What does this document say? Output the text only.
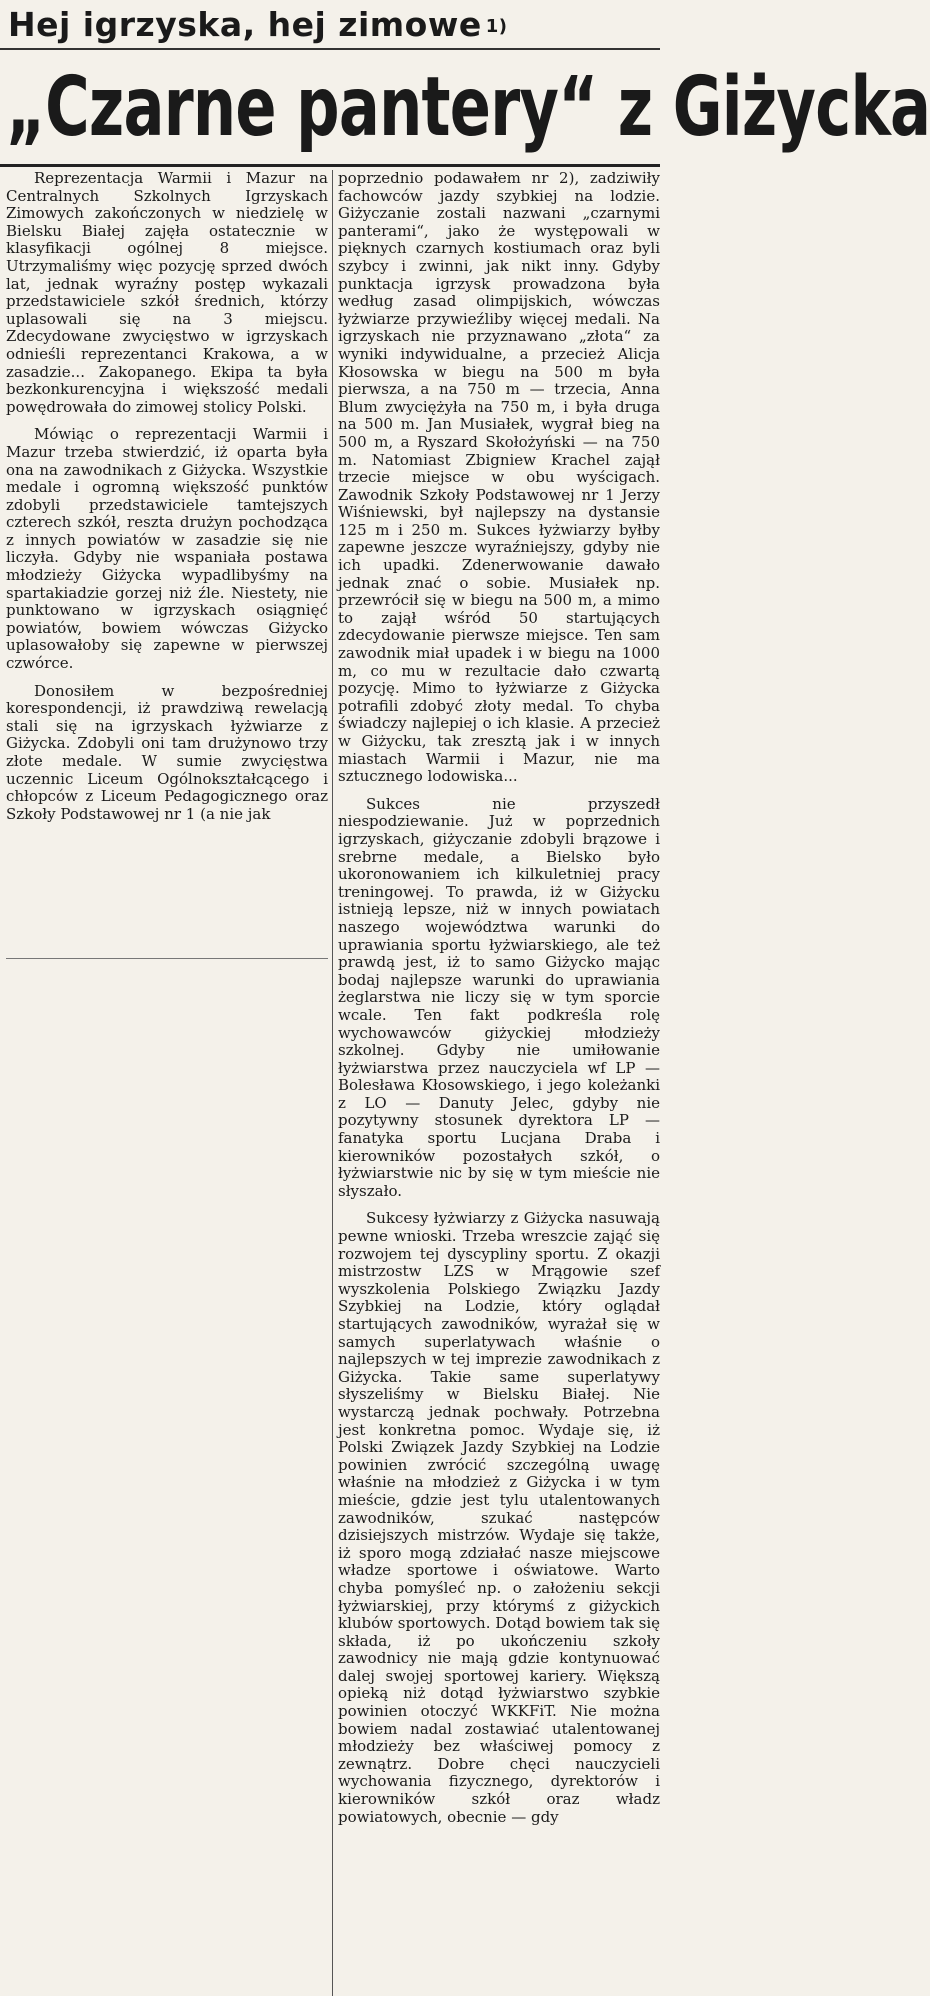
Hej igrzyska, hej zimowe $^{1)}$
„Czarne pantery“ z Giżycka

Reprezentacja Warmii i Mazur na Centralnych Szkolnych Igrzyskach Zimowych zakończonych w niedzielę w Bielsku Białej zajęła ostatecznie w klasyfikacji ogólnej 8 miejsce. Utrzymaliśmy więc pozycję sprzed dwóch lat, jednak wyraźny postęp wykazali przedstawiciele szkół średnich, którzy uplasowali się na 3 miejscu. Zdecydowane zwycięstwo w igrzyskach odnieśli reprezentanci Krakowa, a w zasadzie... Zakopanego. Ekipa ta była bezkonkurencyjna i większość medali powędrowała do zimowej stolicy Polski.

Mówiąc o reprezentacji Warmii i Mazur trzeba stwierdzić, iż oparta była ona na zawodnikach z Giżycka. Wszystkie medale i ogromną większość punktów zdobyli przedstawiciele tamtejszych czterech szkół, reszta drużyn pochodząca z innych powiatów w zasadzie się nie liczyła. Gdyby nie wspaniała postawa młodzieży Giżycka wypadlibyśmy na spartakiadzie gorzej niż źle. Niestety, nie punktowano w igrzyskach osiągnięć powiatów, bowiem wówczas Giżycko uplasowałoby się zapewne w pierwszej czwórce.

Donosiłem w bezpośredniej korespondencji, iż prawdziwą rewelacją stali się na igrzyskach łyżwiarze z Giżycka. Zdobyli oni tam drużynowo trzy złote medale. W sumie zwycięstwa uczennic Liceum Ogólnokształcącego i chłopców z Liceum Pedagogicznego oraz Szkoły Podstawowej nr 1 (a nie jak

poprzednio podawałem nr 2), zadziwiły fachowców jazdy szybkiej na lodzie. Giżyczanie zostali nazwani „czarnymi panterami“, jako że występowali w pięknych czarnych kostiumach oraz byli szybcy i zwinni, jak nikt inny. Gdyby punktacja igrzysk prowadzona była według zasad olimpijskich, wówczas łyżwiarze przywieźliby więcej medali. Na igrzyskach nie przyznawano „złota“ za wyniki indywidualne, a przecież Alicja Kłosowska w biegu na 500 m była pierwsza, a na 750 m — trzecia, Anna Blum zwyciężyła na 750 m, i była druga na 500 m. Jan Musiałek, wygrał bieg na 500 m, a Ryszard Skołożyński — na 750 m. Natomiast Zbigniew Krachel zajął trzecie miejsce w obu wyścigach. Zawodnik Szkoły Podstawowej nr 1 Jerzy Wiśniewski, był najlepszy na dystansie 125 m i 250 m. Sukces łyżwiarzy byłby zapewne jeszcze wyraźniejszy, gdyby nie ich upadki. Zdenerwowanie dawało jednak znać o sobie. Musiałek np. przewrócił się w biegu na 500 m, a mimo to zajął wśród 50 startujących zdecydowanie pierwsze miejsce. Ten sam zawodnik miał upadek i w biegu na 1000 m, co mu w rezultacie dało czwartą pozycję. Mimo to łyżwiarze z Giżycka potrafili zdobyć złoty medal. To chyba świadczy najlepiej o ich klasie. A przecież w Giżycku, tak zresztą jak i w innych miastach Warmii i Mazur, nie ma sztucznego lodowiska...

Sukces nie przyszedł niespodziewanie. Już w poprzednich igrzyskach, giżyczanie zdobyli brązowe i srebrne medale, a Bielsko było ukoronowaniem ich kilkuletniej pracy treningowej. To prawda, iż w Giżycku istnieją lepsze, niż w innych powiatach naszego województwa warunki do uprawiania sportu łyżwiarskiego, ale też prawdą jest, iż to samo Giżycko mając bodaj najlepsze warunki do uprawiania żeglarstwa nie liczy się w tym sporcie wcale. Ten fakt podkreśla rolę wychowawców giżyckiej młodzieży szkolnej. Gdyby nie umiłowanie łyżwiarstwa przez nauczyciela wf LP — Bolesława Kłosowskiego, i jego koleżanki z LO — Danuty Jelec, gdyby nie pozytywny stosunek dyrektora LP — fanatyka sportu Lucjana Draba i kierowników pozostałych szkół, o łyżwiarstwie nic by się w tym mieście nie słyszało.

Sukcesy łyżwiarzy z Giżycka nasuwają pewne wnioski. Trzeba wreszcie zająć się rozwojem tej dyscypliny sportu. Z okazji mistrzostw LZS w Mrągowie szef wyszkolenia Polskiego Związku Jazdy Szybkiej na Lodzie, który oglądał startujących zawodników, wyrażał się w samych superlatywach właśnie o najlepszych w tej imprezie zawodnikach z Giżycka. Takie same superlatywy słyszeliśmy w Bielsku Białej. Nie wystarczą jednak pochwały. Potrzebna jest konkretna pomoc. Wydaje się, iż Polski Związek Jazdy Szybkiej na Lodzie powinien zwrócić szczególną uwagę właśnie na młodzież z Giżycka i w tym mieście, gdzie jest tylu utalentowanych zawodników, szukać następców dzisiejszych mistrzów. Wydaje się także, iż sporo mogą zdziałać nasze miejscowe władze sportowe i oświatowe. Warto chyba pomyśleć np. o założeniu sekcji łyżwiarskiej, przy którymś z giżyckich klubów sportowych. Dotąd bowiem tak się składa, iż po ukończeniu szkoły zawodnicy nie mają gdzie kontynuować dalej swojej sportowej kariery. Większą opieką niż dotąd łyżwiarstwo szybkie powinien otoczyć WKKFiT. Nie można bowiem nadal zostawiać utalentowanej młodzieży bez właściwej pomocy z zewnątrz. Dobre chęci nauczycieli wychowania fizycznego, dyrektorów i kierowników szkół oraz władz powiatowych, obecnie — gdy
